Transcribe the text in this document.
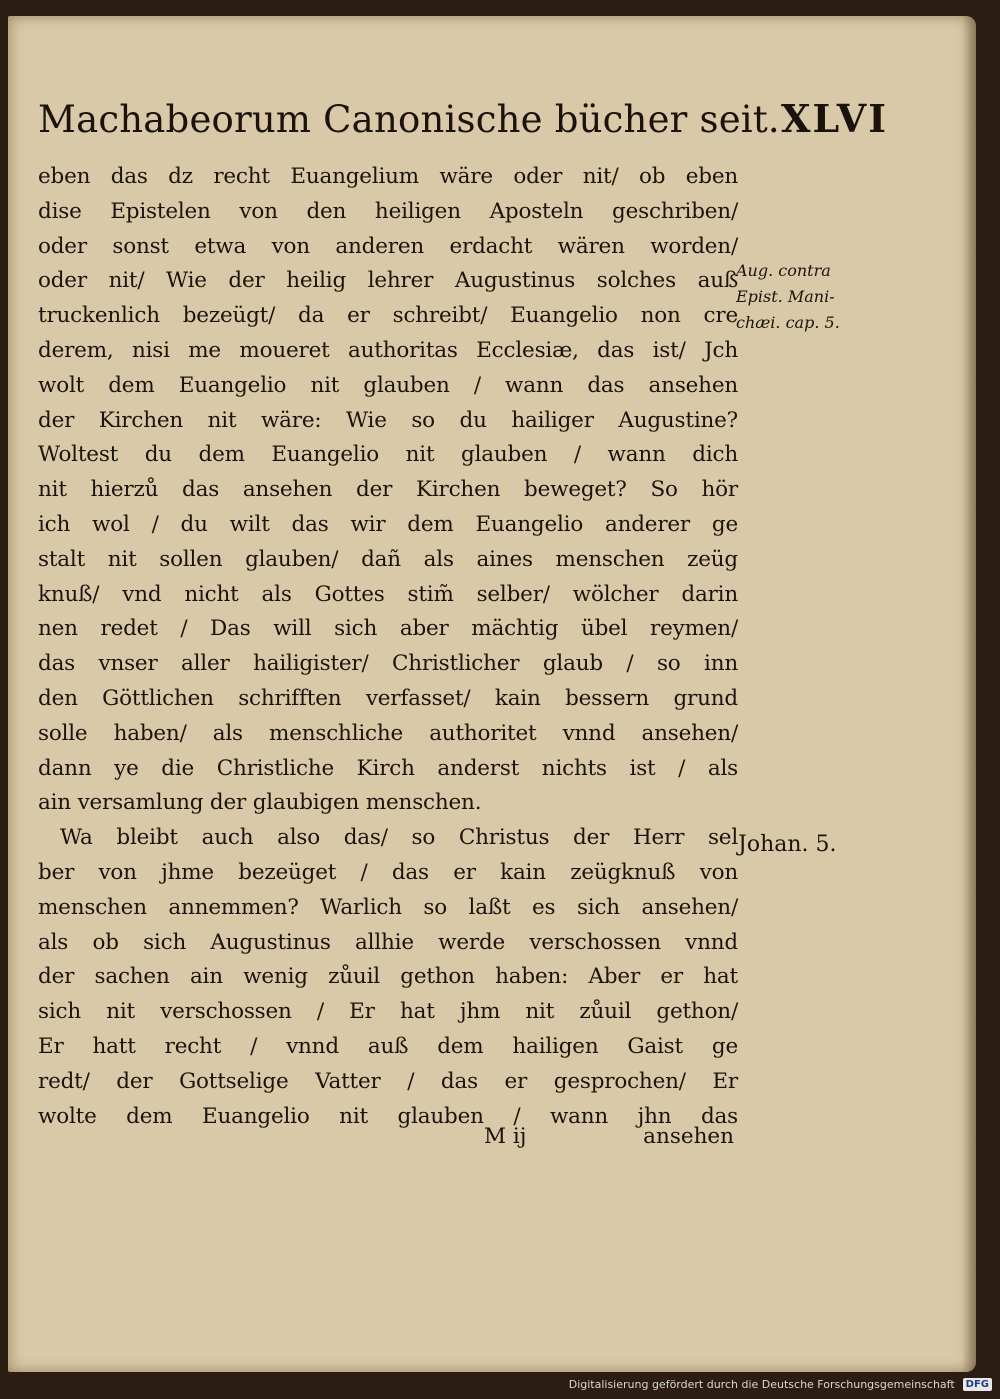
Machabeorum Canonische bücher seit. XLVI
eben das dz recht Euangelium wäre oder nit/ ob eben
dise Epistelen von den heiligen Aposteln geschriben/
oder sonst etwa von anderen erdacht wären worden/
oder nit/ Wie der heilig lehrer Augustinus solches auß
truckenlich bezeügt/ da er schreibt/ Euangelio non cre
derem, nisi me moueret authoritas Ecclesiæ, das ist/ Jch
wolt dem Euangelio nit glauben / wann das ansehen
der Kirchen nit wäre: Wie so du hailiger Augustine?
Woltest du dem Euangelio nit glauben / wann dich
nit hierzů das ansehen der Kirchen beweget? So hör
ich wol / du wilt das wir dem Euangelio anderer ge
stalt nit sollen glauben/ dañ als aines menschen zeüg
knuß/ vnd nicht als Gottes stim̃ selber/ wölcher darin
nen redet / Das will sich aber mächtig übel reymen/
das vnser aller hailigister/ Christlicher glaub / so inn
den Göttlichen schrifften verfasset/ kain bessern grund
solle haben/ als menschliche authoritet vnnd ansehen/
dann ye die Christliche Kirch anderst nichts ist / als
ain versamlung der glaubigen menschen.
Wa bleibt auch also das/ so Christus der Herr sel
ber von jhme bezeüget / das er kain zeügknuß von
menschen annemmen? Warlich so laßt es sich ansehen/
als ob sich Augustinus allhie werde verschossen vnnd
der sachen ain wenig zůuil gethon haben: Aber er hat
sich nit verschossen / Er hat jhm nit zůuil gethon/
Er hatt recht / vnnd auß dem hailigen Gaist ge
redt/ der Gottselige Vatter / das er gesprochen/ Er
wolte dem Euangelio nit glauben / wann jhn das
Aug. contra
Epist. Mani-
chæi. cap. 5.
Johan. 5.
M ij	ansehen
Digitalisierung gefördert durch die Deutsche Forschungsgemeinschaft	DFG
